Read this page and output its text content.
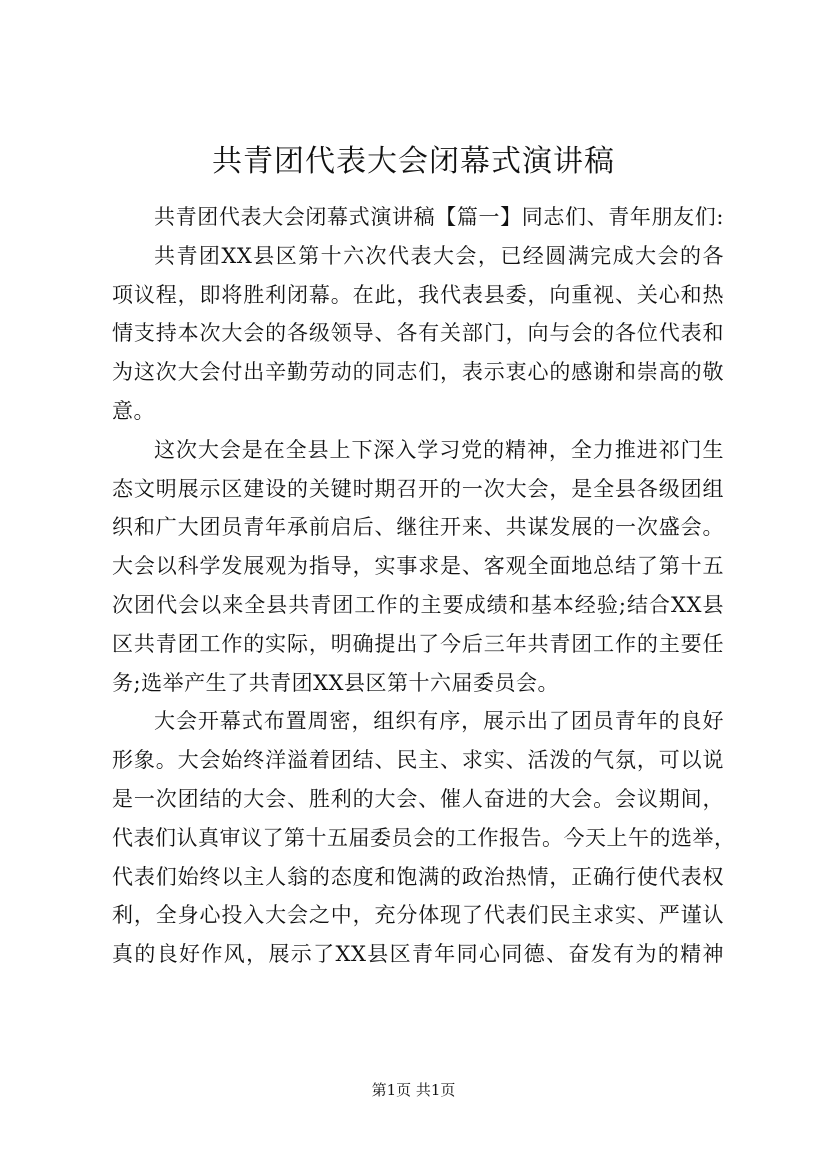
共青团代表大会闭幕式演讲稿
共青团代表大会闭幕式演讲稿【篇一】同志们、青年朋友们:
共青团XX县区第十六次代表大会，已经圆满完成大会的各
项议程，即将胜利闭幕。在此，我代表县委，向重视、关心和热
情支持本次大会的各级领导、各有关部门，向与会的各位代表和
为这次大会付出辛勤劳动的同志们，表示衷心的感谢和崇高的敬
意。
这次大会是在全县上下深入学习党的精神，全力推进祁门生
态文明展示区建设的关键时期召开的一次大会，是全县各级团组
织和广大团员青年承前启后、继往开来、共谋发展的一次盛会。
大会以科学发展观为指导，实事求是、客观全面地总结了第十五
次团代会以来全县共青团工作的主要成绩和基本经验;结合XX县
区共青团工作的实际，明确提出了今后三年共青团工作的主要任
务;选举产生了共青团XX县区第十六届委员会。
大会开幕式布置周密，组织有序，展示出了团员青年的良好
形象。大会始终洋溢着团结、民主、求实、活泼的气氛，可以说
是一次团结的大会、胜利的大会、催人奋进的大会。会议期间，
代表们认真审议了第十五届委员会的工作报告。今天上午的选举，
代表们始终以主人翁的态度和饱满的政治热情，正确行使代表权
利，全身心投入大会之中，充分体现了代表们民主求实、严谨认
真的良好作风，展示了XX县区青年同心同德、奋发有为的精神
第1页 共1页
